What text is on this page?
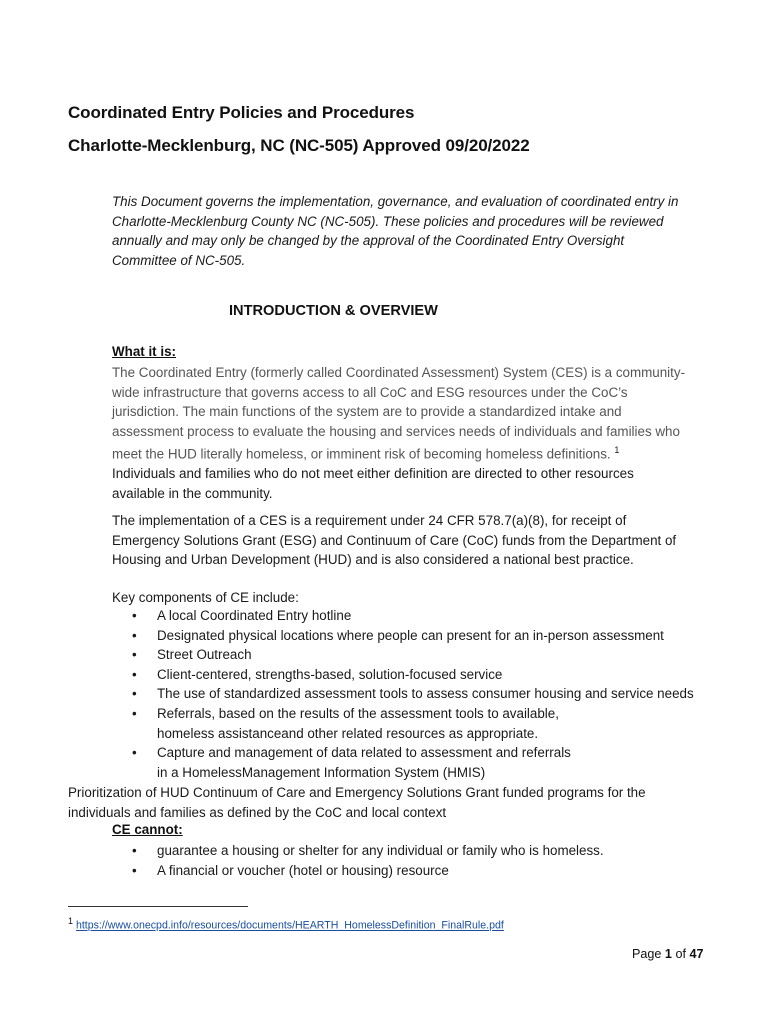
Coordinated Entry Policies and Procedures
Charlotte-Mecklenburg, NC (NC-505) Approved 09/20/2022
This Document governs the implementation, governance, and evaluation of coordinated entry in
Charlotte-Mecklenburg County NC (NC-505). These policies and procedures will be reviewed
annually and may only be changed by the approval of the Coordinated Entry Oversight
Committee of NC-505.
INTRODUCTION & OVERVIEW
What it is:
The Coordinated Entry (formerly called Coordinated Assessment) System (CES) is a community-
wide infrastructure that governs access to all CoC and ESG resources under the CoC’s
jurisdiction. The main functions of the system are to provide a standardized intake and
assessment process to evaluate the housing and services needs of individuals and families who
meet the HUD literally homeless, or imminent risk of becoming homeless definitions. $^1$
Individuals and families who do not meet either definition are directed to other resources
available in the community.
The implementation of a CES is a requirement under 24 CFR 578.7(a)(8), for receipt of
Emergency Solutions Grant (ESG) and Continuum of Care (CoC) funds from the Department of
Housing and Urban Development (HUD) and is also considered a national best practice.
Key components of CE include:
• A local Coordinated Entry hotline
• Designated physical locations where people can present for an in-person assessment
• Street Outreach
• Client-centered, strengths-based, solution-focused service
• The use of standardized assessment tools to assess consumer housing and service needs
• Referrals, based on the results of the assessment tools to available,
homeless assistanceand other related resources as appropriate.
• Capture and management of data related to assessment and referrals
in a HomelessManagement Information System (HMIS)
Prioritization of HUD Continuum of Care and Emergency Solutions Grant funded programs for the
individuals and families as defined by the CoC and local context
CE cannot:
• guarantee a housing or shelter for any individual or family who is homeless.
• A financial or voucher (hotel or housing) resource
$^1$ https://www.onecpd.info/resources/documents/HEARTH_HomelessDefinition_FinalRule.pdf
Page 1 of 47
